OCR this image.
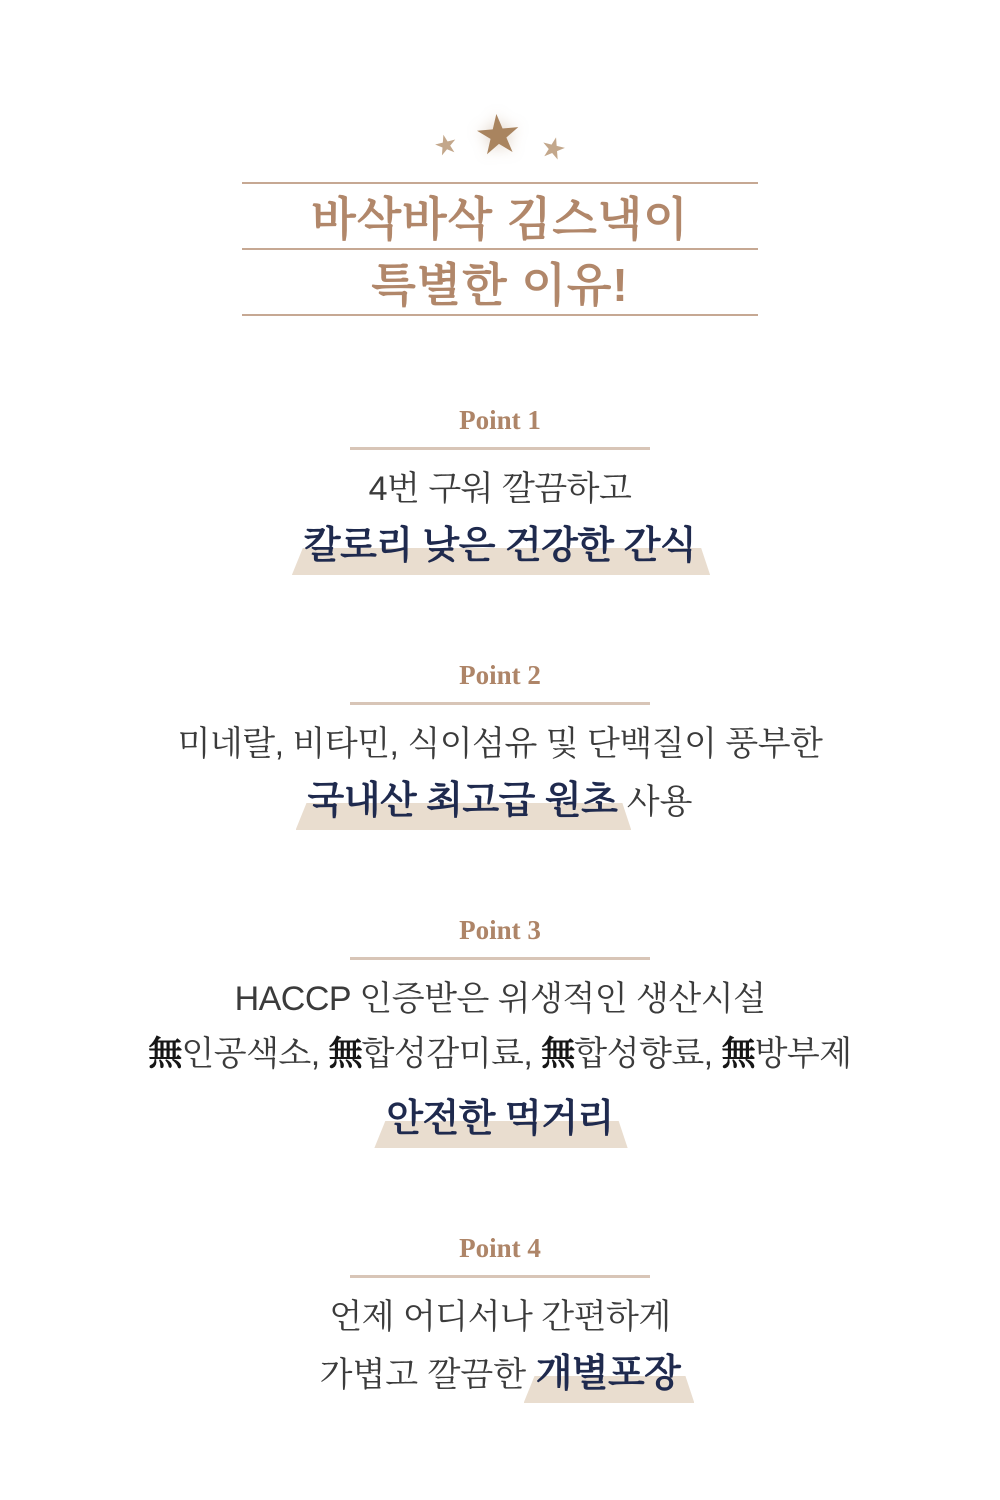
★ ★ ★
바삭바삭 김스낵이
특별한 이유!
Point 1

4번 구워 깔끔하고

칼로리 낮은 건강한 간식

Point 2

미네랄, 비타민, 식이섬유 및 단백질이 풍부한

국내산 최고급 원초 사용

Point 3

HACCP 인증받은 위생적인 생산시설

無인공색소, 無합성감미료, 無합성향료, 無방부제

안전한 먹거리

Point 4

언제 어디서나 간편하게

가볍고 깔끔한 개별포장
